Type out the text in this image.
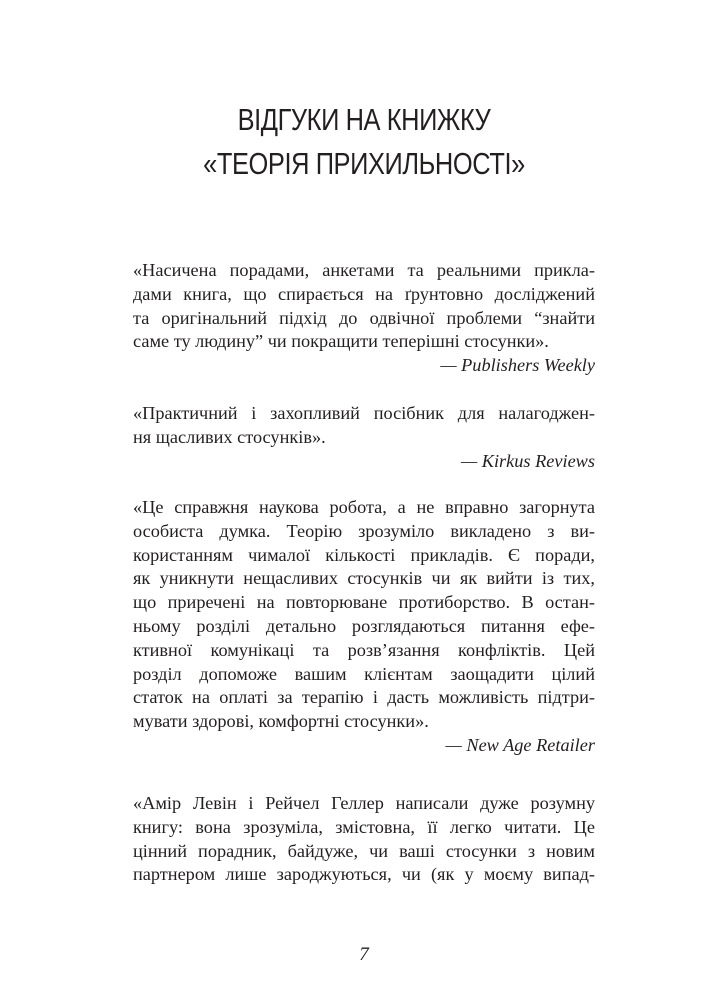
ВІДГУКИ НА КНИЖКУ
«ТЕОРІЯ ПРИХИЛЬНОСТІ»
«Насичена порадами, анкетами та реальними прикла-
дами книга, що спирається на ґрунтовно досліджений
та оригінальний підхід до одвічної проблеми “знайти
саме ту людину” чи покращити теперішні стосунки».
— Publishers Weekly
«Практичний і захопливий посібник для налагоджен-
ня щасливих стосунків».
— Kirkus Reviews
«Це справжня наукова робота, а не вправно загорнута
особиста думка. Теорію зрозуміло викладено з ви-
користанням чималої кількості прикладів. Є поради,
як уникнути нещасливих стосунків чи як вийти із тих,
що приречені на повторюване протиборство. В остан-
ньому розділі детально розглядаються питання ефе-
ктивної комунікаці та розв’язання конфліктів. Цей
розділ допоможе вашим клієнтам заощадити цілий
статок на оплаті за терапію і дасть можливість підтри-
мувати здорові, комфортні стосунки».
— New Age Retailer
«Амір Левін і Рейчел Геллер написали дуже розумну
книгу: вона зрозуміла, змістовна, її легко читати. Це
цінний порадник, байдуже, чи ваші стосунки з новим
партнером лише зароджуються, чи (як у моєму випад-
7
